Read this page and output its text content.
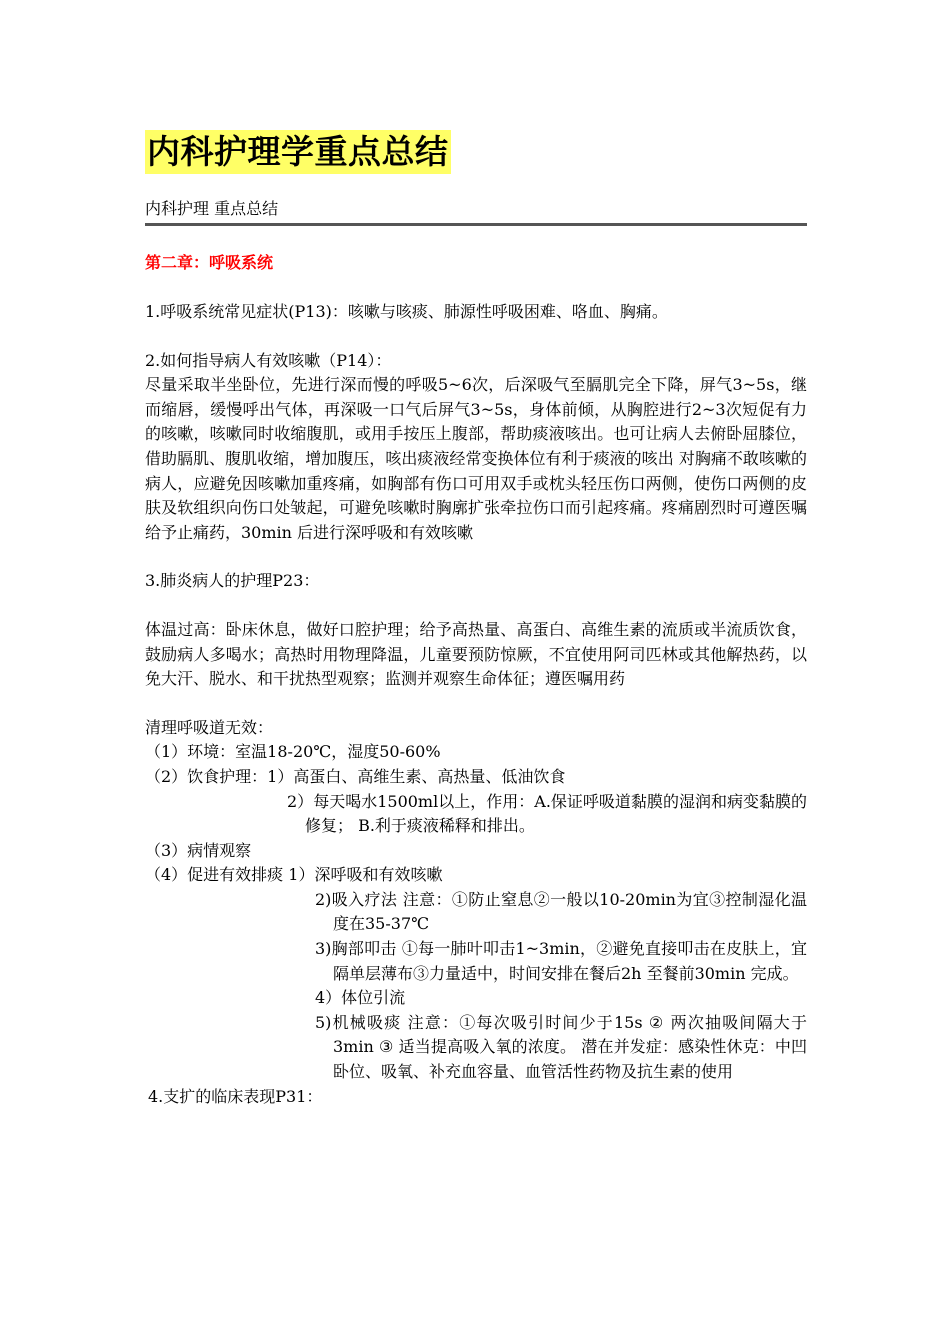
内科护理学重点总结
内科护理 重点总结
第二章：呼吸系统
1.呼吸系统常见症状(P13)：咳嗽与咳痰、肺源性呼吸困难、咯血、胸痛。
2.如何指导病人有效咳嗽（P14）：
尽量采取半坐卧位，先进行深而慢的呼吸5~6次，后深吸气至膈肌完全下降，屏气3~5s，继而缩唇，缓慢呼出气体，再深吸一口气后屏气3~5s，身体前倾，从胸腔进行2~3次短促有力的咳嗽，咳嗽同时收缩腹肌，或用手按压上腹部，帮助痰液咳出。也可让病人去俯卧屈膝位，借助膈肌、腹肌收缩，增加腹压，咳出痰液经常变换体位有利于痰液的咳出 对胸痛不敢咳嗽的病人，应避免因咳嗽加重疼痛，如胸部有伤口可用双手或枕头轻压伤口两侧，使伤口两侧的皮肤及软组织向伤口处皱起，可避免咳嗽时胸廓扩张牵拉伤口而引起疼痛。疼痛剧烈时可遵医嘱给予止痛药，30min 后进行深呼吸和有效咳嗽
3.肺炎病人的护理P23：
体温过高：卧床休息，做好口腔护理；给予高热量、高蛋白、高维生素的流质或半流质饮食，鼓励病人多喝水；高热时用物理降温，儿童要预防惊厥，不宜使用阿司匹林或其他解热药，以免大汗、脱水、和干扰热型观察；监测并观察生命体征；遵医嘱用药
清理呼吸道无效：
（1）环境：室温18-20℃，湿度50-60%
（2）饮食护理：1）高蛋白、高维生素、高热量、低油饮食
2）每天喝水1500ml以上，作用：A.保证呼吸道黏膜的湿润和病变黏膜的修复； B.利于痰液稀释和排出。
（3）病情观察
（4）促进有效排痰 1）深呼吸和有效咳嗽
2)吸入疗法 注意：①防止窒息②一般以10-20min为宜③控制湿化温度在35-37℃
3)胸部叩击 ①每一肺叶叩击1~3min，②避免直接叩击在皮肤上，宜隔单层薄布③力量适中，时间安排在餐后2h 至餐前30min 完成。
4）体位引流
5)机械吸痰 注意：①每次吸引时间少于15s ② 两次抽吸间隔大于3min ③ 适当提高吸入氧的浓度。 潜在并发症：感染性休克：中凹卧位、吸氧、补充血容量、血管活性药物及抗生素的使用
4.支扩的临床表现P31：
